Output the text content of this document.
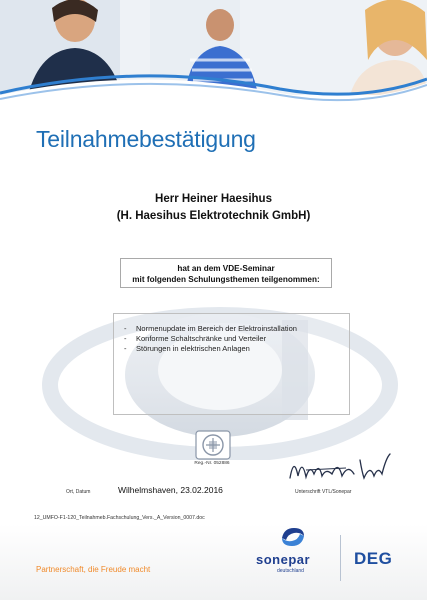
Teilnahmebestätigung
Herr Heiner Haesihus
(H. Haesihus Elektrotechnik GmbH)
hat an dem VDE-Seminar
mit folgenden Schulungsthemen teilgenommen:
-	Normenupdate im Bereich der Elektroinstallation
-	Konforme Schaltschränke und Verteiler
-	Störungen in elektrischen Anlagen
Reg.-Nr. 052886
Ort, Datum	Wilhelmshaven, 23.02.2016	Unterschrift VTL/Sonepar
12_UMFO-F1-120_Teilnahmeb.Fachschulung_Vers._A_Version_0007.doc
Partnerschaft, die Freude macht
sonepar
deutschland
DEG
